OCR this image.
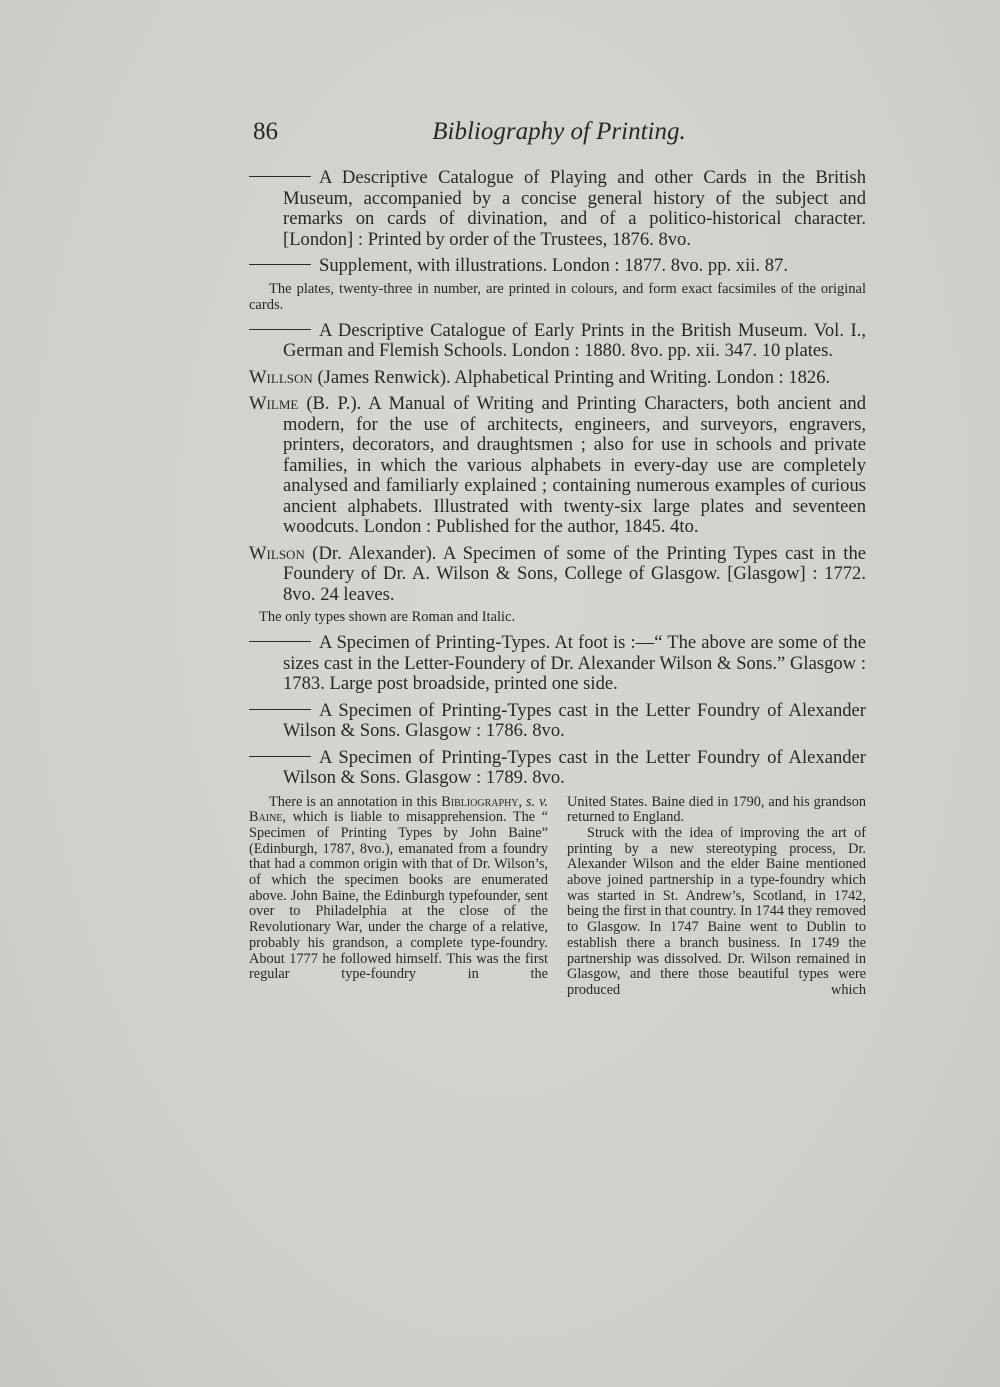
86	Bibliography of Printing.

A Descriptive Catalogue of Playing and other Cards in the British Museum, accompanied by a concise general history of the subject and remarks on cards of divination, and of a politico-historical character. [London] : Printed by order of the Trustees, 1876. 8vo.

Supplement, with illustrations. London : 1877. 8vo. pp. xii. 87.

The plates, twenty-three in number, are printed in colours, and form exact facsimiles of the original cards.

A Descriptive Catalogue of Early Prints in the British Museum. Vol. I., German and Flemish Schools. London : 1880. 8vo. pp. xii. 347. 10 plates.

Willson (James Renwick). Alphabetical Printing and Writing. London : 1826.

Wilme (B. P.). A Manual of Writing and Printing Characters, both ancient and modern, for the use of architects, engineers, and surveyors, engravers, printers, decorators, and draughtsmen ; also for use in schools and private families, in which the various alphabets in every-day use are completely analysed and familiarly explained ; containing numerous examples of curious ancient alphabets. Illustrated with twenty-six large plates and seventeen woodcuts. London : Published for the author, 1845. 4to.

Wilson (Dr. Alexander). A Specimen of some of the Printing Types cast in the Foundery of Dr. A. Wilson & Sons, College of Glasgow. [Glasgow] : 1772. 8vo. 24 leaves.

The only types shown are Roman and Italic.

A Specimen of Printing-Types. At foot is :—“ The above are some of the sizes cast in the Letter-Foundery of Dr. Alexander Wilson & Sons.” Glasgow : 1783. Large post broadside, printed one side.

A Specimen of Printing-Types cast in the Letter Foundry of Alexander Wilson & Sons. Glasgow : 1786. 8vo.

A Specimen of Printing-Types cast in the Letter Foundry of Alexander Wilson & Sons. Glasgow : 1789. 8vo.

There is an annotation in this Bibliography, s. v. Baine, which is liable to misapprehension. The “ Specimen of Printing Types by John Baine” (Edinburgh, 1787, 8vo.), emanated from a foundry that had a common origin with that of Dr. Wilson’s, of which the specimen books are enumerated above. John Baine, the Edinburgh typefounder, sent over to Philadelphia at the close of the Revolutionary War, under the charge of a relative, probably his grandson, a complete type-foundry. About 1777 he followed himself. This was the first regular type-foundry in the

United States. Baine died in 1790, and his grandson returned to England.

Struck with the idea of improving the art of printing by a new stereotyping process, Dr. Alexander Wilson and the elder Baine mentioned above joined partnership in a type-foundry which was started in St. Andrew’s, Scotland, in 1742, being the first in that country. In 1744 they removed to Glasgow. In 1747 Baine went to Dublin to establish there a branch business. In 1749 the partnership was dissolved. Dr. Wilson remained in Glasgow, and there those beautiful types were produced which
